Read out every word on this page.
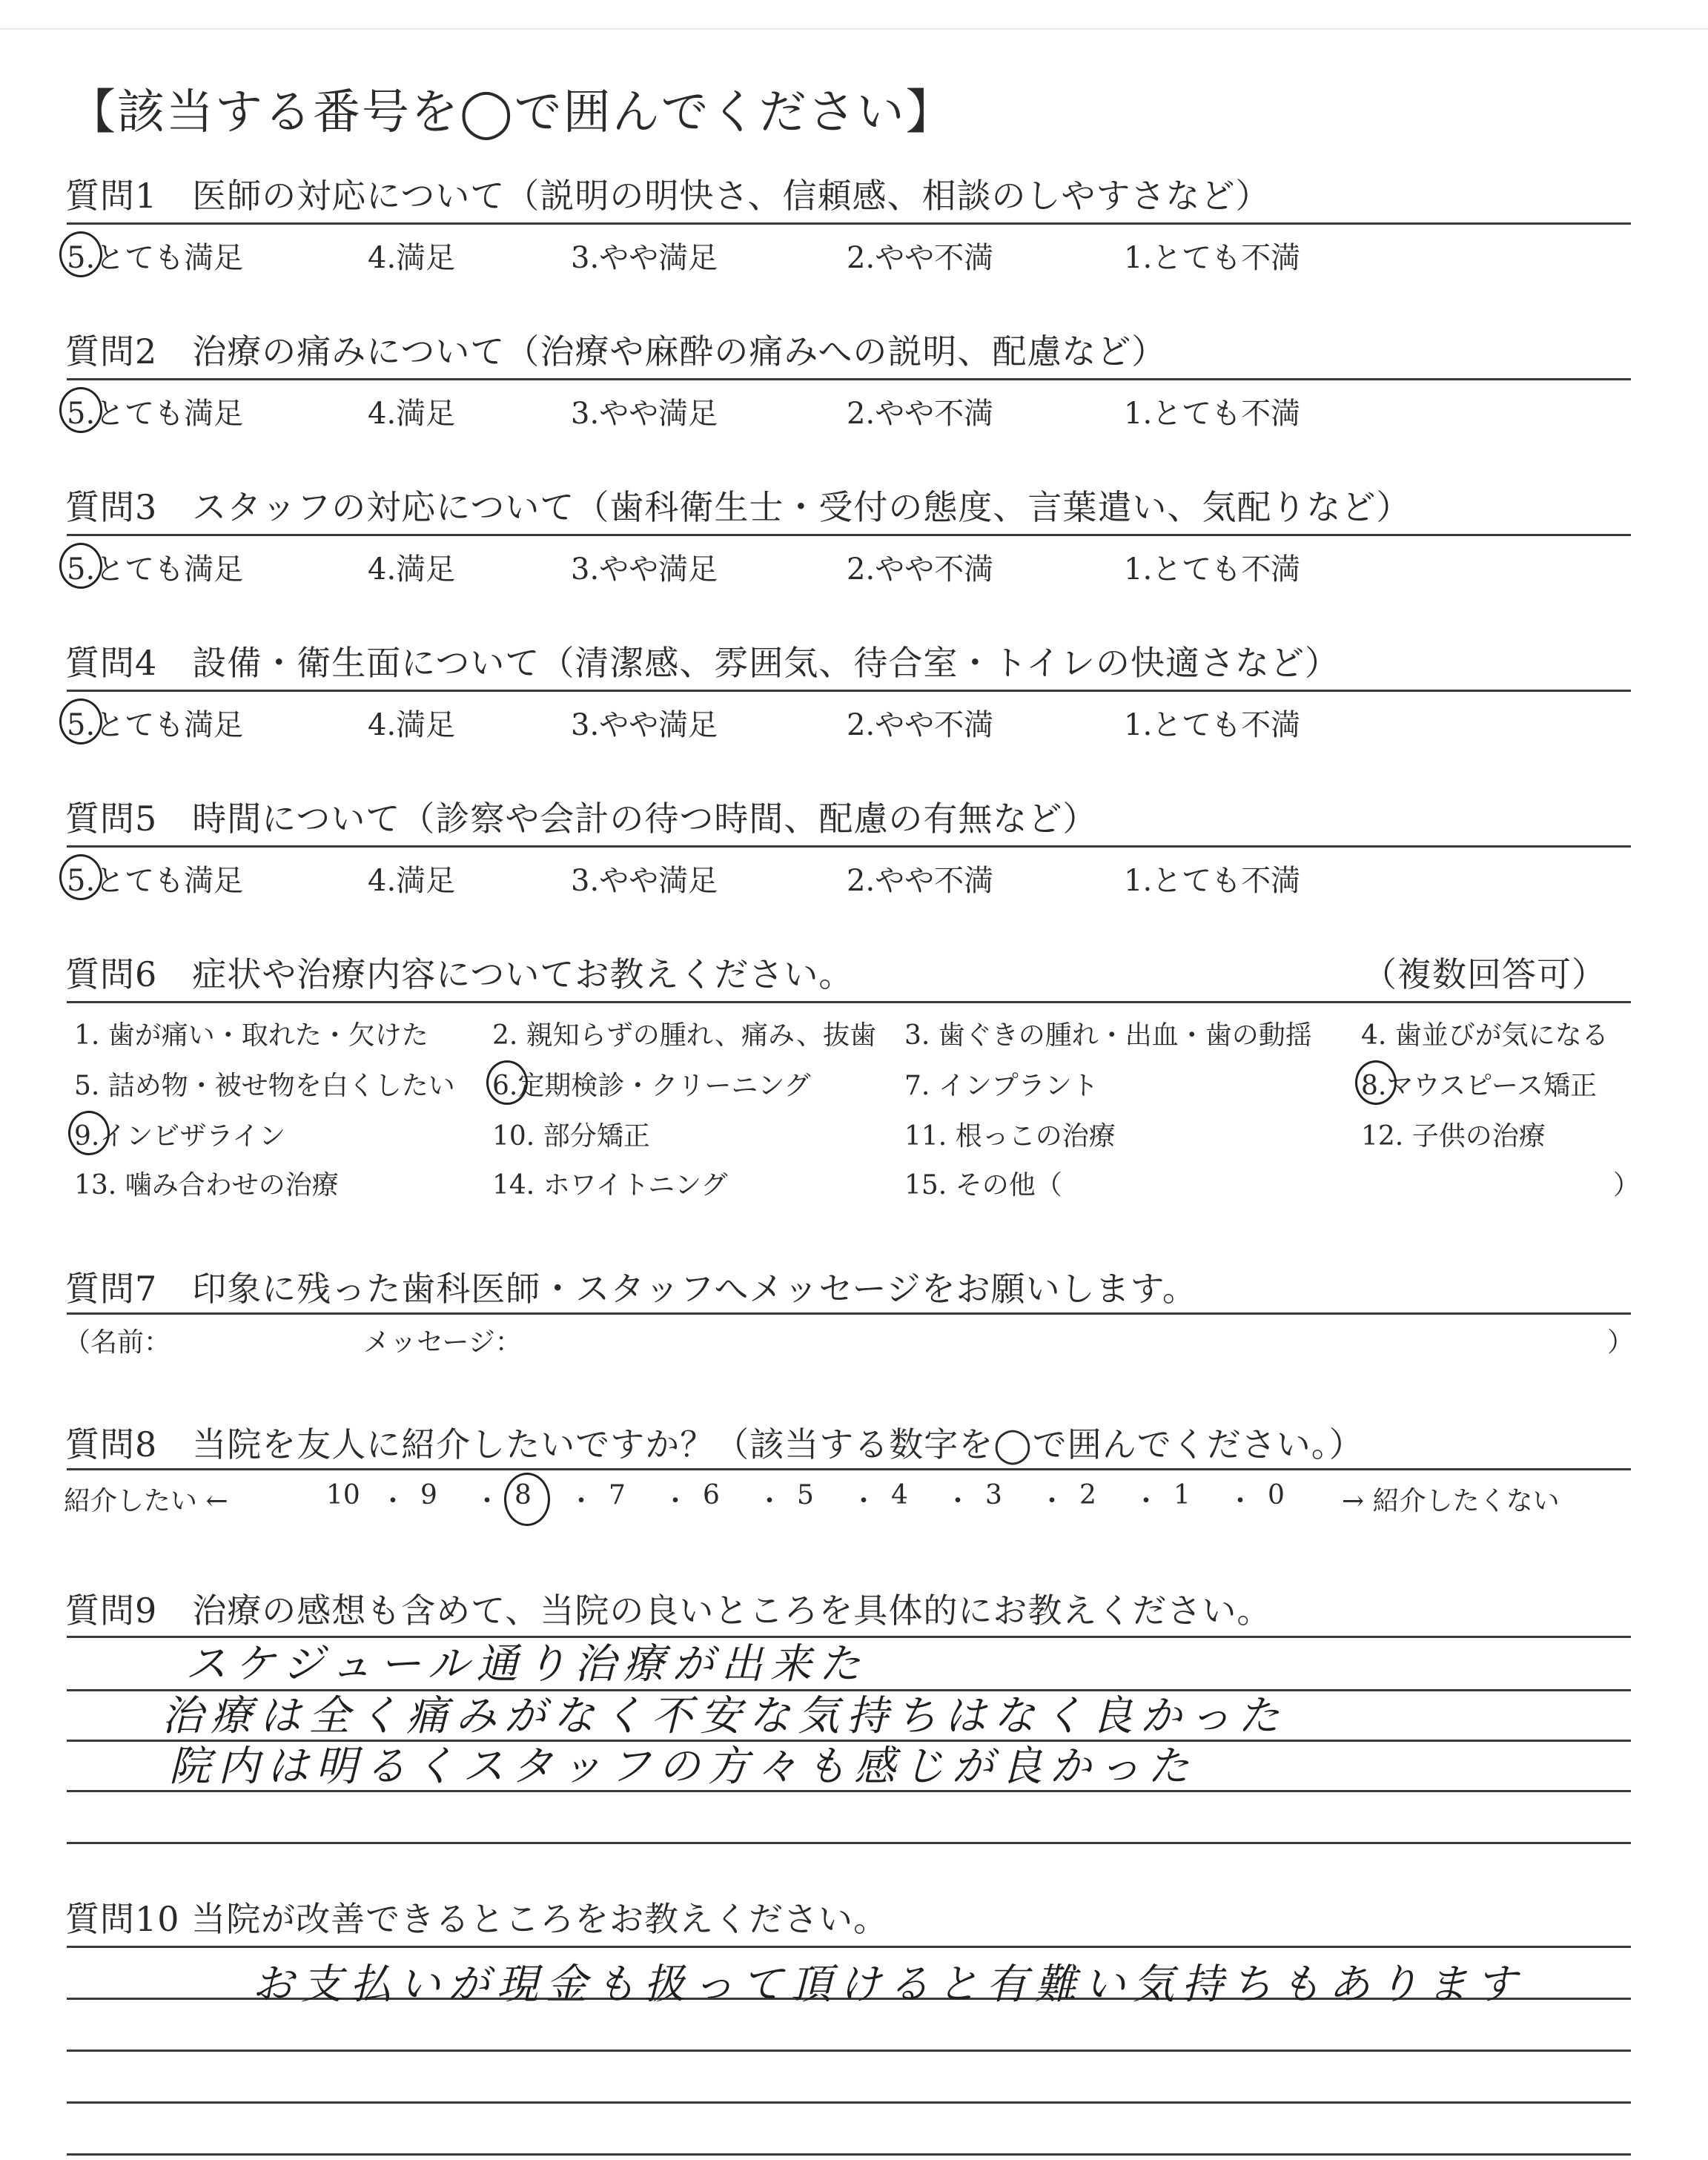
【該当する番号を◯で囲んでください】
質問1　医師の対応について（説明の明快さ、信頼感、相談のしやすさなど）
5.とても満足	4.満足	3.やや満足	2.やや不満	1.とても不満
質問2　治療の痛みについて（治療や麻酔の痛みへの説明、配慮など）
5.とても満足	4.満足	3.やや満足	2.やや不満	1.とても不満
質問3　スタッフの対応について（歯科衛生士・受付の態度、言葉遣い、気配りなど）
5.とても満足	4.満足	3.やや満足	2.やや不満	1.とても不満
質問4　設備・衛生面について（清潔感、雰囲気、待合室・トイレの快適さなど）
5.とても満足	4.満足	3.やや満足	2.やや不満	1.とても不満
質問5　時間について（診察や会計の待つ時間、配慮の有無など）
5.とても満足	4.満足	3.やや満足	2.やや不満	1.とても不満
質問6　症状や治療内容についてお教えください。	（複数回答可）
1. 歯が痛い・取れた・欠けた 2. 親知らずの腫れ、痛み、抜歯 3. 歯ぐきの腫れ・出血・歯の動揺 4. 歯並びが気になる
5. 詰め物・被せ物を白くしたい 6.定期検診・クリーニング	7. インプラント	8.マウスピース矯正
9.インビザライン	10. 部分矯正	11. 根っこの治療	12. 子供の治療
13. 噛み合わせの治療	14. ホワイトニング	15. その他（	）
質問7　印象に残った歯科医師・スタッフへメッセージをお願いします。
（名前：	メッセージ：	）
質問8　当院を友人に紹介したいですか？（該当する数字を◯で囲んでください。）
紹介したい ←	10 ・ 9 ・ 8 ・ 7 ・ 6 ・ 5 ・ 4 ・ 3 ・ 2 ・ 1 ・ 0 → 紹介したくない
質問9　治療の感想も含めて、当院の良いところを具体的にお教えください。
スケジュール通り治療が出来た
治療は全く痛みがなく不安な気持ちはなく良かった
院内は明るくスタッフの方々も感じが良かった
質問10 当院が改善できるところをお教えください。
お支払いが現金も扱って頂けると有難い気持ちもあります
